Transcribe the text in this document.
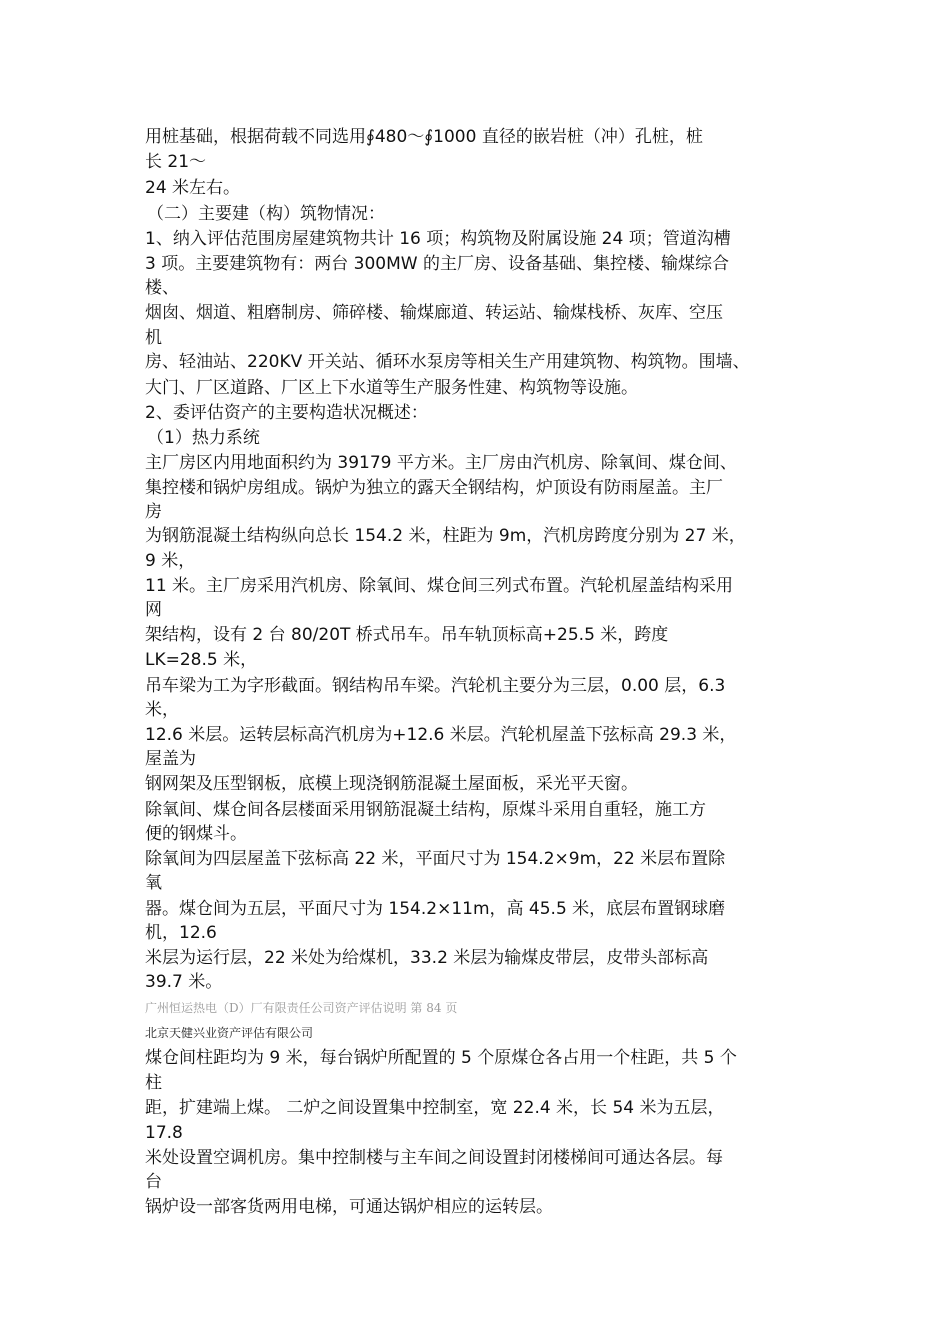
用桩基础，根据荷载不同选用∮480～∮1000 直径的嵌岩桩（冲）孔桩，桩
长 21～
24 米左右。
（二）主要建（构）筑物情况：
1、纳入评估范围房屋建筑物共计 16 项；构筑物及附属设施 24 项；管道沟槽
3 项。主要建筑物有：两台 300MW 的主厂房、设备基础、集控楼、输煤综合
楼、
烟囱、烟道、粗磨制房、筛碎楼、输煤廊道、转运站、输煤栈桥、灰库、空压
机
房、轻油站、220KV 开关站、循环水泵房等相关生产用建筑物、构筑物。围墙、
大门、厂区道路、厂区上下水道等生产服务性建、构筑物等设施。
2、委评估资产的主要构造状况概述：
（1）热力系统
主厂房区内用地面积约为 39179 平方米。主厂房由汽机房、除氧间、煤仓间、
集控楼和锅炉房组成。锅炉为独立的露天全钢结构，炉顶设有防雨屋盖。主厂
房
为钢筋混凝土结构纵向总长 154.2 米，柱距为 9m，汽机房跨度分别为 27 米，
9 米，
11 米。主厂房采用汽机房、除氧间、煤仓间三列式布置。汽轮机屋盖结构采用
网
架结构，设有 2 台 80/20T 桥式吊车。吊车轨顶标高+25.5 米，跨度
LK=28.5 米，
吊车梁为工为字形截面。钢结构吊车梁。汽轮机主要分为三层，0.00 层，6.3
米，
12.6 米层。运转层标高汽机房为+12.6 米层。汽轮机屋盖下弦标高 29.3 米，
屋盖为
钢网架及压型钢板，底模上现浇钢筋混凝土屋面板，采光平天窗。
除氧间、煤仓间各层楼面采用钢筋混凝土结构，原煤斗采用自重轻，施工方
便的钢煤斗。
除氧间为四层屋盖下弦标高 22 米，平面尺寸为 154.2×9m，22 米层布置除
氧
器。煤仓间为五层，平面尺寸为 154.2×11m，高 45.5 米，底层布置钢球磨
机，12.6
米层为运行层，22 米处为给煤机，33.2 米层为输煤皮带层，皮带头部标高
39.7 米。
广州恒运热电（D）厂有限责任公司资产评估说明 第 84 页
北京天健兴业资产评估有限公司
煤仓间柱距均为 9 米，每台锅炉所配置的 5 个原煤仓各占用一个柱距，共 5 个
柱
距，扩建端上煤。 二炉之间设置集中控制室，宽 22.4 米，长 54 米为五层，
17.8
米处设置空调机房。集中控制楼与主车间之间设置封闭楼梯间可通达各层。每
台
锅炉设一部客货两用电梯，可通达锅炉相应的运转层。
